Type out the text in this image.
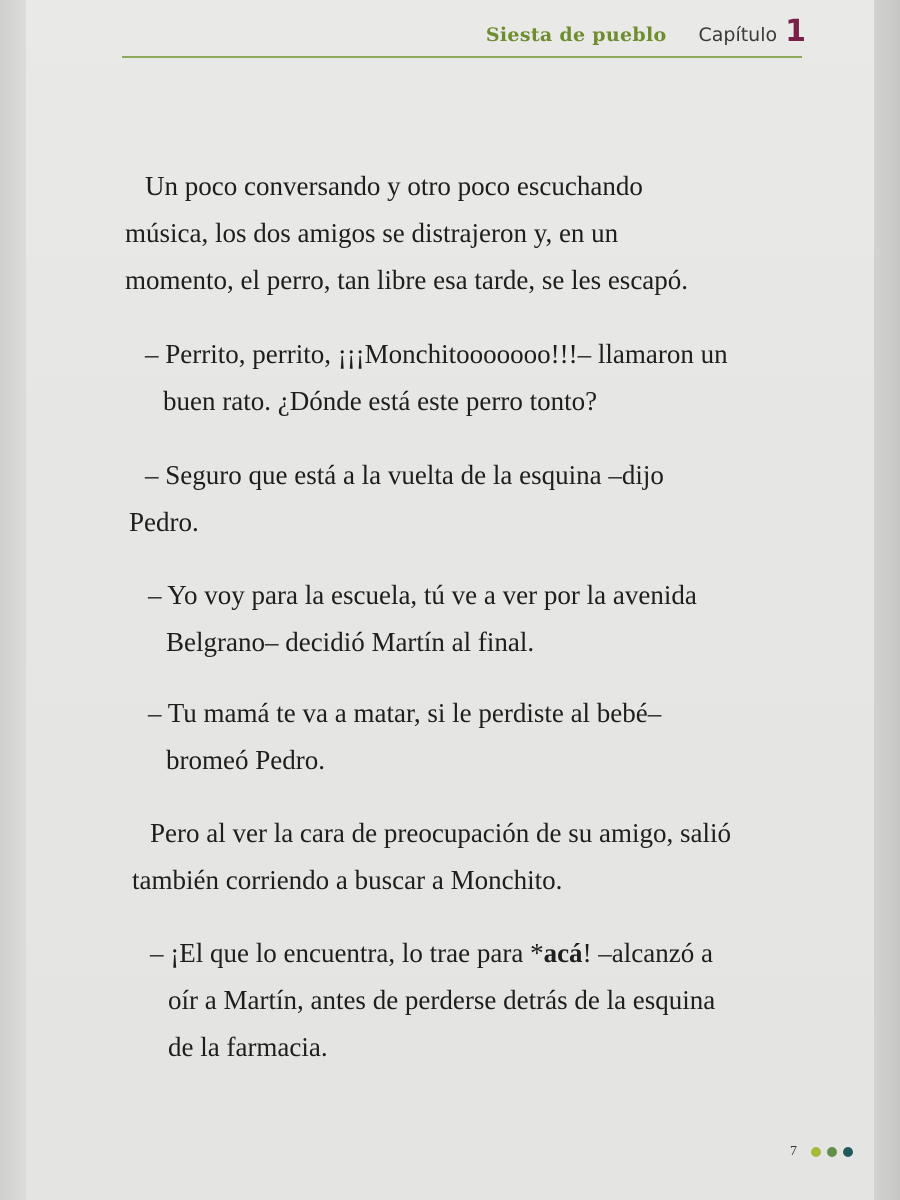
Siesta de pueblo Capítulo 1

Un poco conversando y otro poco escuchando
música, los dos amigos se distrajeron y, en un
momento, el perro, tan libre esa tarde, se les escapó.

– Perrito, perrito, ¡¡¡Monchitooooooo!!!– llamaron un
buen rato. ¿Dónde está este perro tonto?

– Seguro que está a la vuelta de la esquina –dijo
Pedro.

– Yo voy para la escuela, tú ve a ver por la avenida
Belgrano– decidió Martín al final.

– Tu mamá te va a matar, si le perdiste al bebé–
bromeó Pedro.

Pero al ver la cara de preocupación de su amigo, salió
también corriendo a buscar a Monchito.

– ¡El que lo encuentra, lo trae para *acá! –alcanzó a
oír a Martín, antes de perderse detrás de la esquina
de la farmacia.

7
